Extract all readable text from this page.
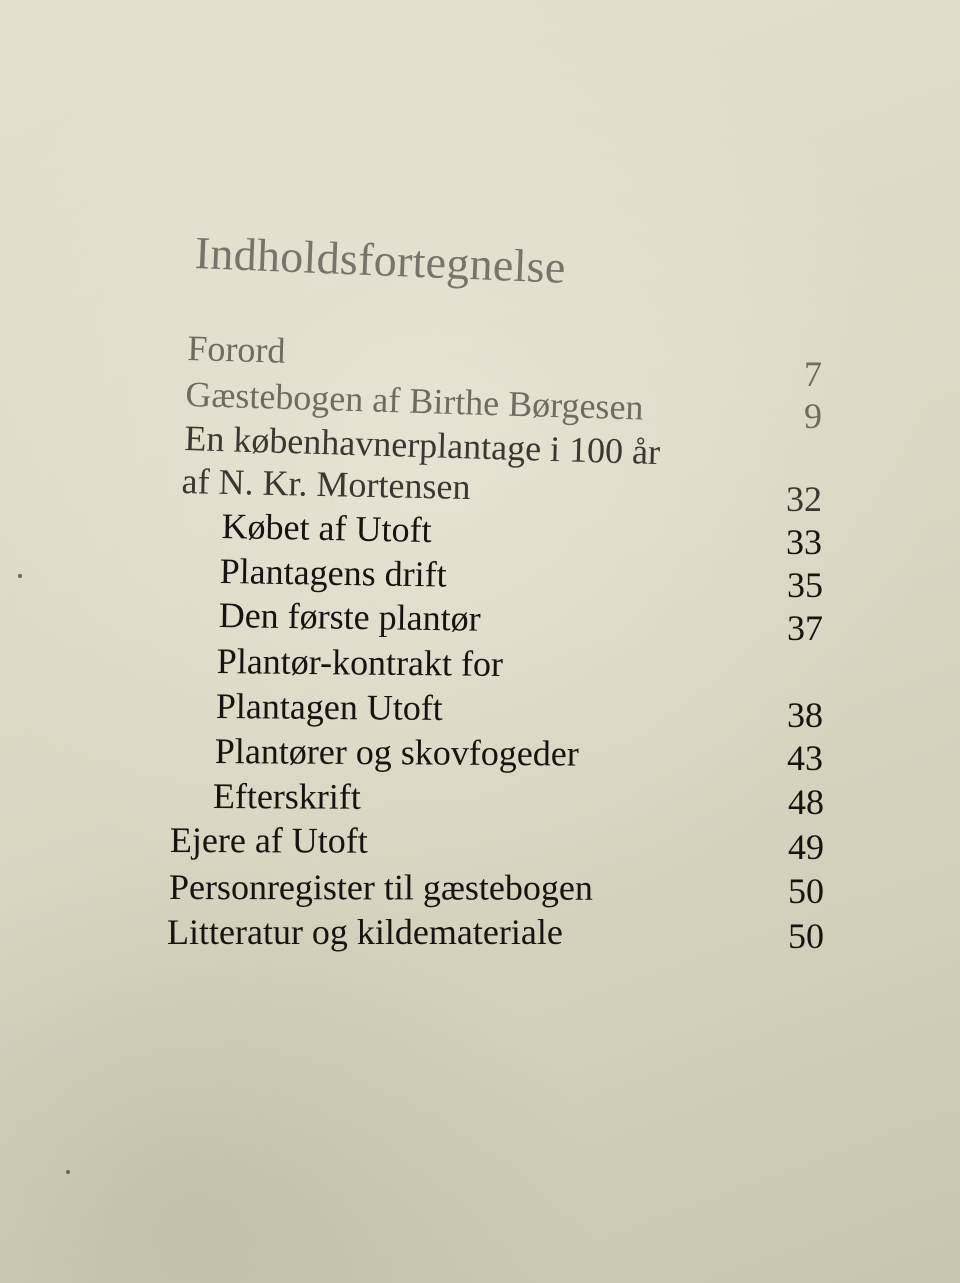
Indholdsfortegnelse
Forord
Gæstebogen af Birthe Børgesen
En københavnerplantage i 100 år
af N. Kr. Mortensen
Købet af Utoft
Plantagens drift
Den første plantør
Plantør-kontrakt for
Plantagen Utoft
Plantører og skovfogeder
Efterskrift
Ejere af Utoft
Personregister til gæstebogen
Litteratur og kildemateriale
7
9
32
33
35
37
38
43
48
49
50
50
